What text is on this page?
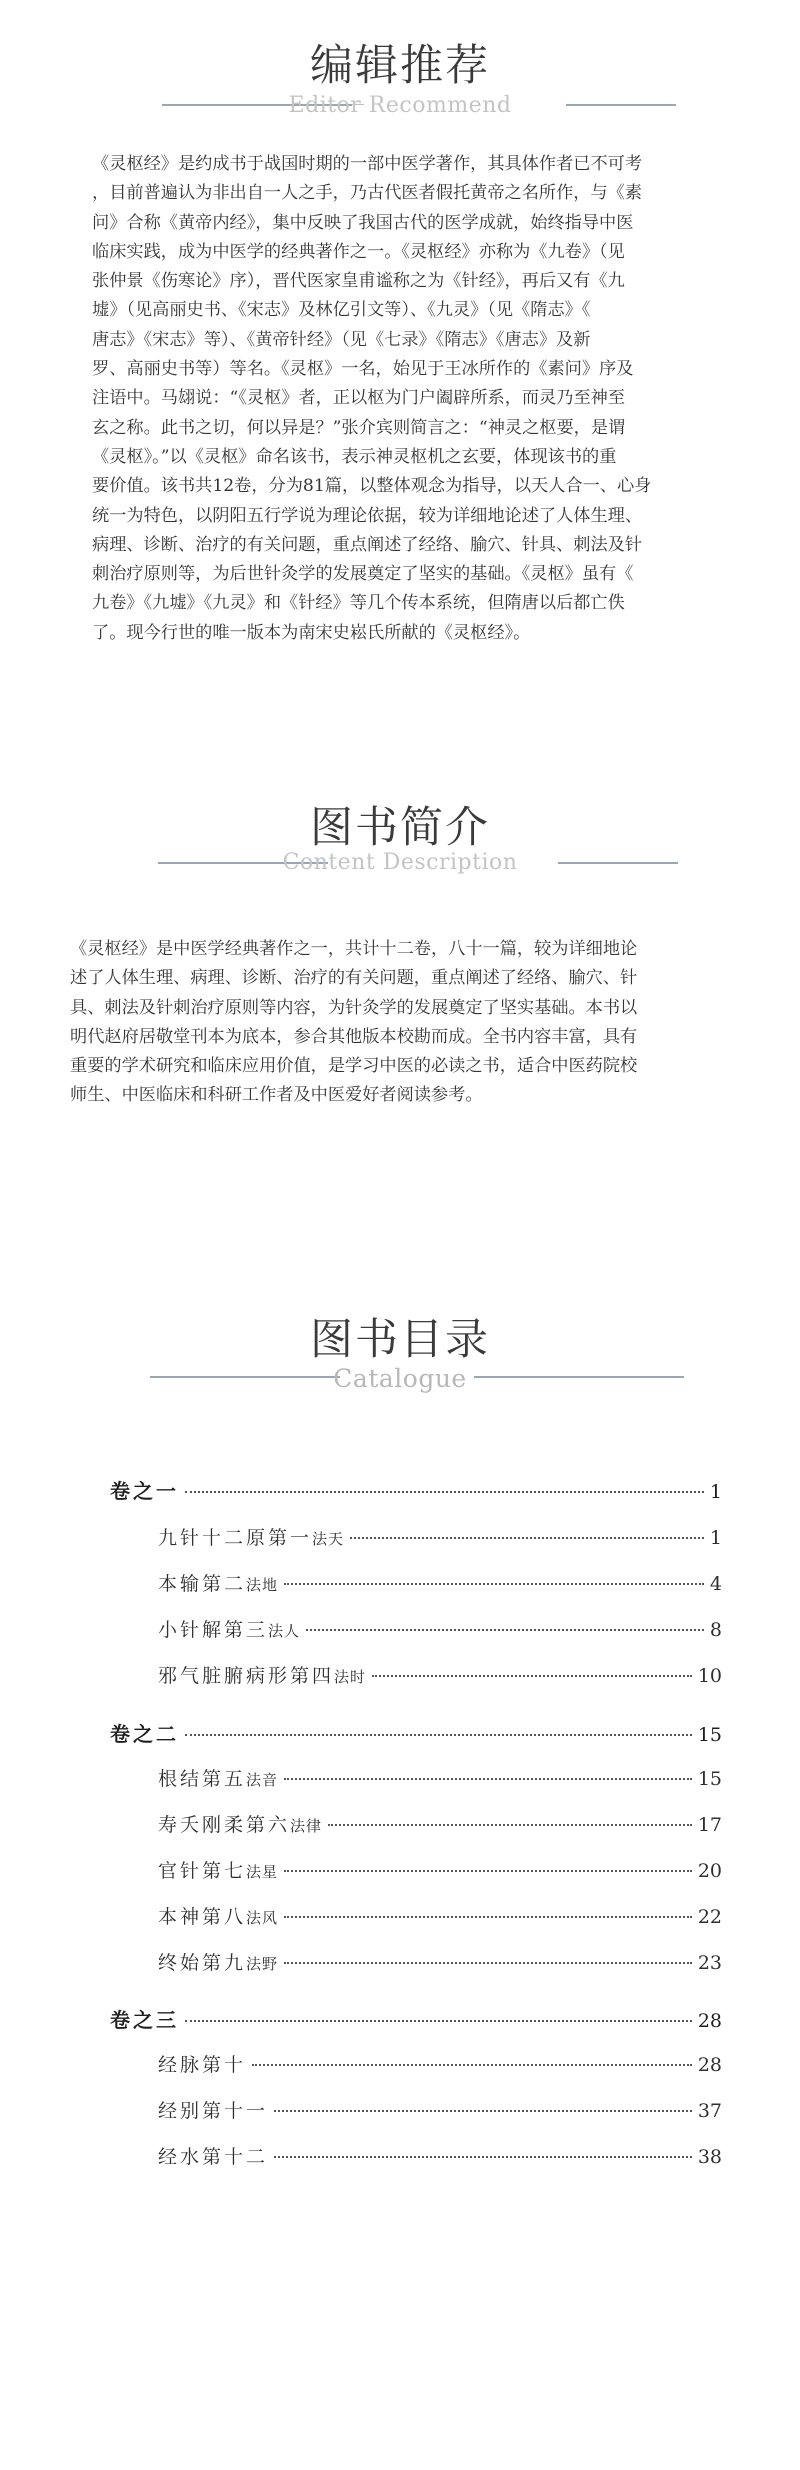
编辑推荐
Editor Recommend
《灵枢经》是约成书于战国时期的一部中医学著作，其具体作者已不可考
，目前普遍认为非出自一人之手，乃古代医者假托黄帝之名所作，与《素
问》合称《黄帝内经》，集中反映了我国古代的医学成就，始终指导中医
临床实践，成为中医学的经典著作之一。《灵枢经》亦称为《九卷》（见
张仲景《伤寒论》序），晋代医家皇甫谧称之为《针经》，再后又有《九
墟》（见高丽史书、《宋志》及林亿引文等）、《九灵》（见《隋志》《
唐志》《宋志》等）、《黄帝针经》（见《七录》《隋志》《唐志》及新
罗、高丽史书等）等名。《灵枢》一名，始见于王冰所作的《素问》序及
注语中。马翃说：“《灵枢》者，正以枢为门户阖辟所系，而灵乃至神至
玄之称。此书之切，何以异是？”张介宾则简言之：“神灵之枢要，是谓
《灵枢》。”以《灵枢》命名该书，表示神灵枢机之玄要，体现该书的重
要价值。该书共12卷，分为81篇，以整体观念为指导，以天人合一、心身
统一为特色，以阴阳五行学说为理论依据，较为详细地论述了人体生理、
病理、诊断、治疗的有关问题，重点阐述了经络、腧穴、针具、刺法及针
刺治疗原则等，为后世针灸学的发展奠定了坚实的基础。《灵枢》虽有《
九卷》《九墟》《九灵》和《针经》等几个传本系统，但隋唐以后都亡佚
了。现今行世的唯一版本为南宋史崧氏所献的《灵枢经》。
图书简介
Content Description
《灵枢经》是中医学经典著作之一，共计十二卷，八十一篇，较为详细地论
述了人体生理、病理、诊断、治疗的有关问题，重点阐述了经络、腧穴、针
具、刺法及针刺治疗原则等内容，为针灸学的发展奠定了坚实基础。本书以
明代赵府居敬堂刊本为底本，参合其他版本校勘而成。全书内容丰富，具有
重要的学术研究和临床应用价值，是学习中医的必读之书，适合中医药院校
师生、中医临床和科研工作者及中医爱好者阅读参考。
图书目录
Catalogue
卷之一	1
九针十二原第一法天	1
本输第二法地	4
小针解第三法人	8
邪气脏腑病形第四法时	10
卷之二	15
根结第五法音	15
寿夭刚柔第六法律	17
官针第七法星	20
本神第八法风	22
终始第九法野	23
卷之三	28
经脉第十	28
经别第十一	37
经水第十二	38
